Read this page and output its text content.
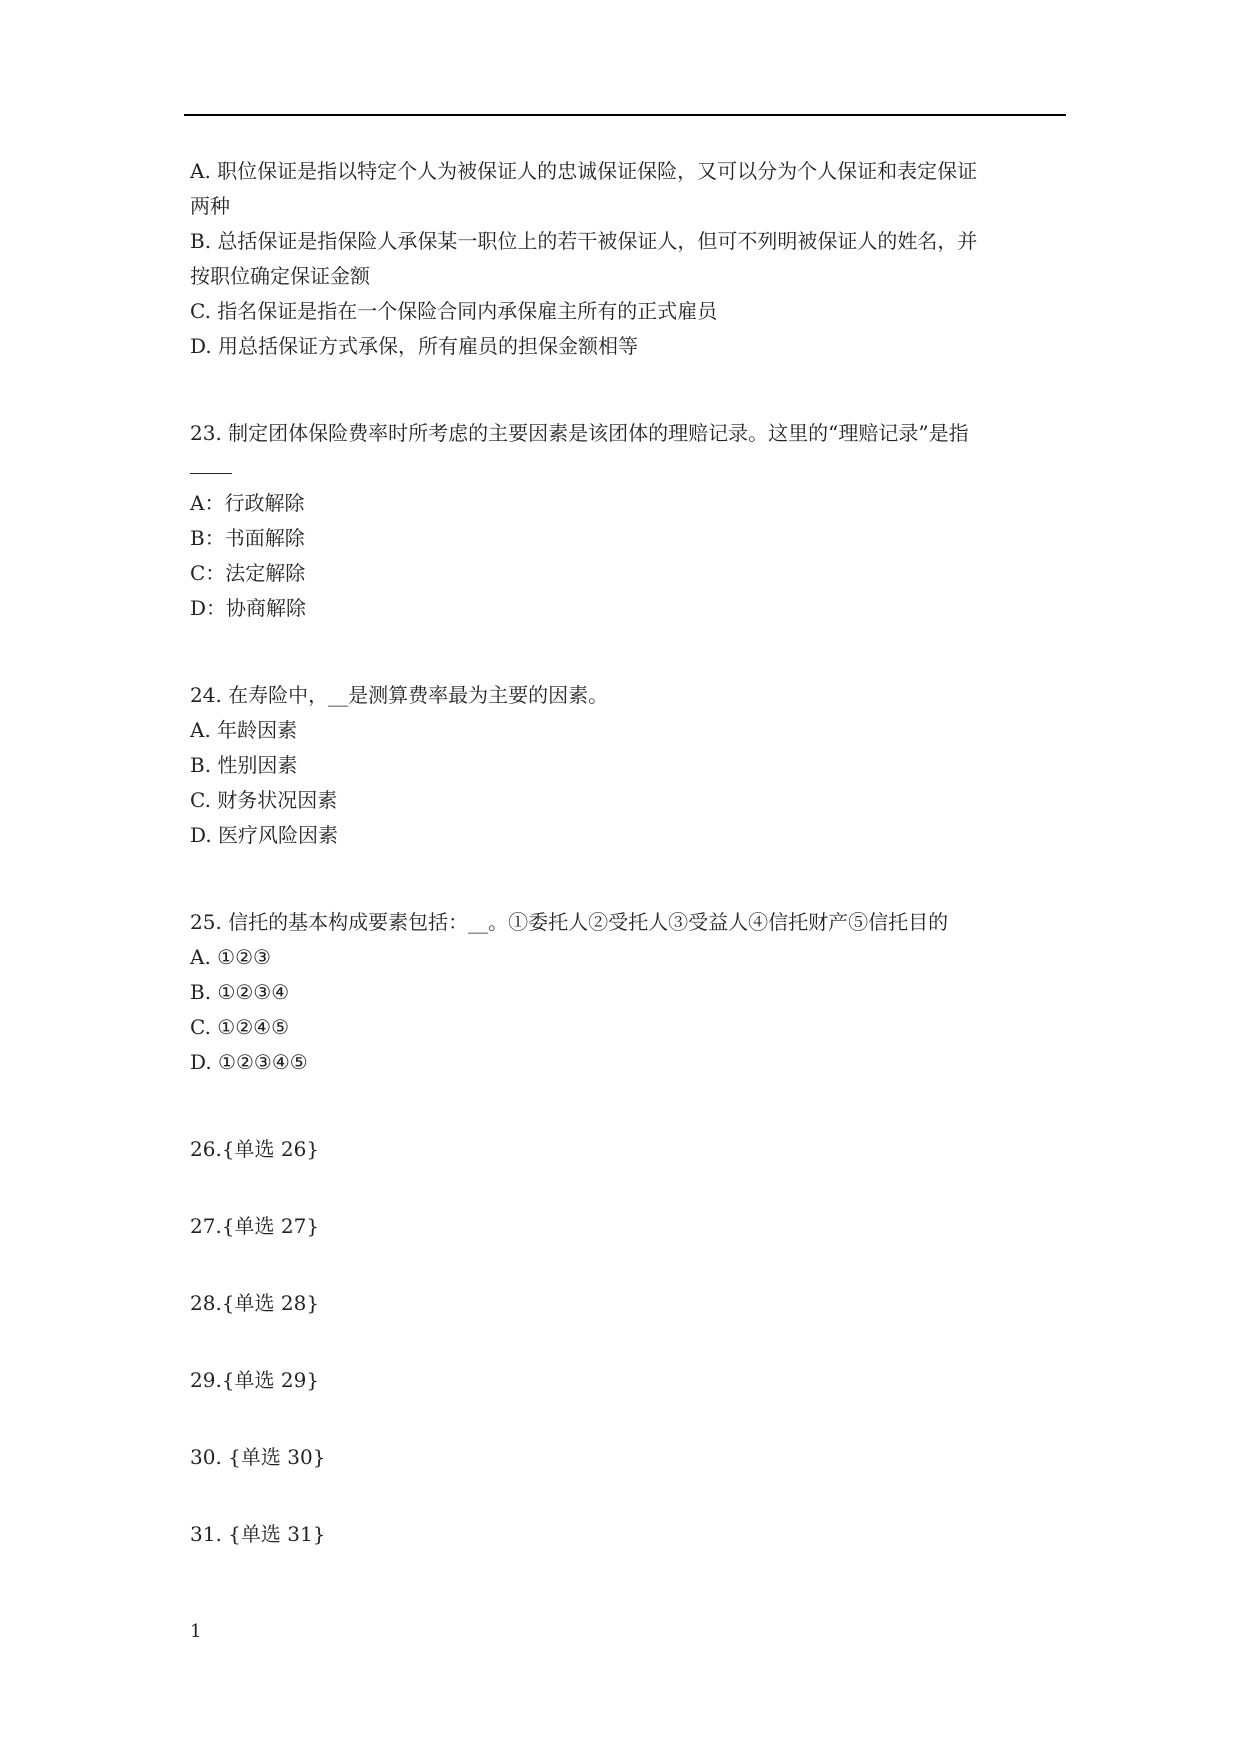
A. 职位保证是指以特定个人为被保证人的忠诚保证保险，又可以分为个人保证和表定保证
两种
B. 总括保证是指保险人承保某一职位上的若干被保证人，但可不列明被保证人的姓名，并
按职位确定保证金额
C. 指名保证是指在一个保险合同内承保雇主所有的正式雇员
D. 用总括保证方式承保，所有雇员的担保金额相等
23. 制定团体保险费率时所考虑的主要因素是该团体的理赔记录。这里的“理赔记录”是指
A：行政解除
B：书面解除
C：法定解除
D：协商解除
24. 在寿险中，__是测算费率最为主要的因素。
A. 年龄因素
B. 性别因素
C. 财务状况因素
D. 医疗风险因素
25. 信托的基本构成要素包括：__。①委托人②受托人③受益人④信托财产⑤信托目的
A. ①②③
B. ①②③④
C. ①②④⑤
D. ①②③④⑤
26.{单选 26}
27.{单选 27}
28.{单选 28}
29.{单选 29}
30. {单选 30}
31. {单选 31}
1
